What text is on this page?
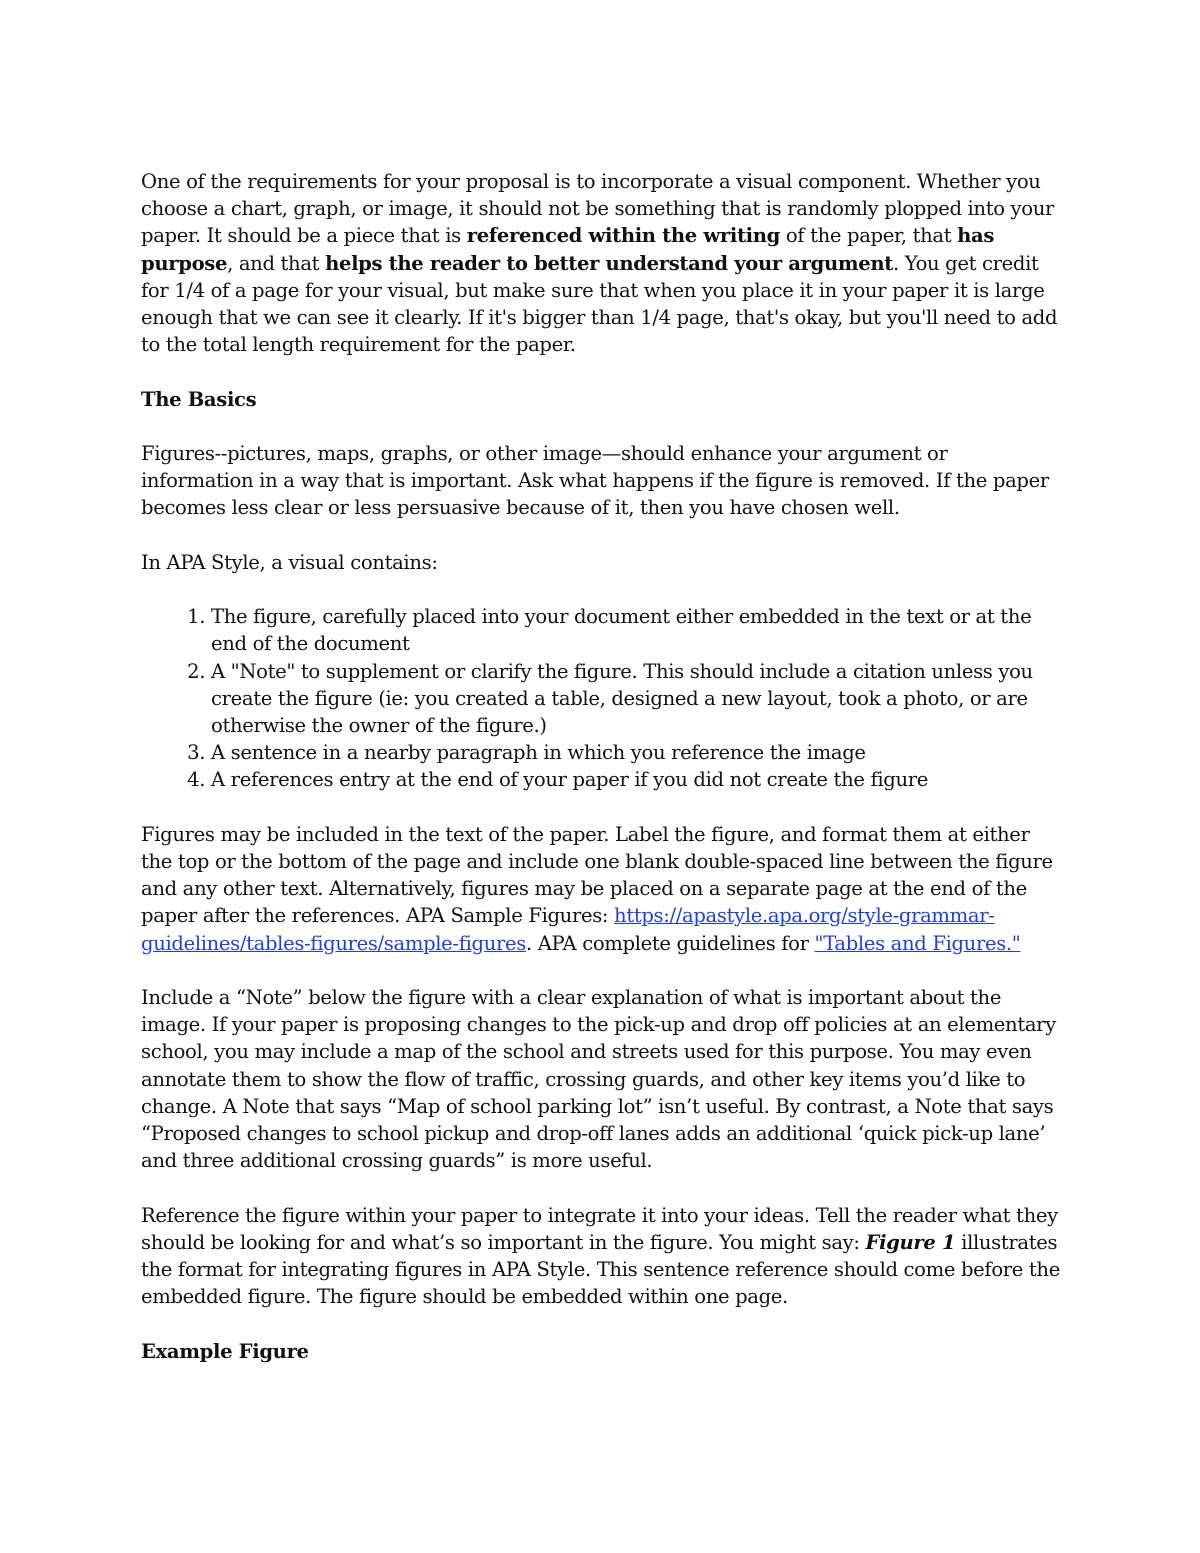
One of the requirements for your proposal is to incorporate a visual component. Whether you choose a chart, graph, or image, it should not be something that is randomly plopped into your paper. It should be a piece that is referenced within the writing of the paper, that has purpose, and that helps the reader to better understand your argument. You get credit for 1/4 of a page for your visual, but make sure that when you place it in your paper it is large enough that we can see it clearly. If it's bigger than 1/4 page, that's okay, but you'll need to add to the total length requirement for the paper.

The Basics

Figures--pictures, maps, graphs, or other image—should enhance your argument or information in a way that is important. Ask what happens if the figure is removed. If the paper becomes less clear or less persuasive because of it, then you have chosen well.

In APA Style, a visual contains:

1. The figure, carefully placed into your document either embedded in the text or at the end of the document
2. A "Note" to supplement or clarify the figure. This should include a citation unless you create the figure (ie: you created a table, designed a new layout, took a photo, or are otherwise the owner of the figure.)
3. A sentence in a nearby paragraph in which you reference the image
4. A references entry at the end of your paper if you did not create the figure

Figures may be included in the text of the paper. Label the figure, and format them at either the top or the bottom of the page and include one blank double-spaced line between the figure and any other text. Alternatively, figures may be placed on a separate page at the end of the paper after the references. APA Sample Figures: https://apastyle.apa.org/style-grammar-guidelines/tables-figures/sample-figures. APA complete guidelines for "Tables and Figures."

Include a “Note” below the figure with a clear explanation of what is important about the image. If your paper is proposing changes to the pick-up and drop off policies at an elementary school, you may include a map of the school and streets used for this purpose. You may even annotate them to show the flow of traffic, crossing guards, and other key items you’d like to change. A Note that says “Map of school parking lot” isn’t useful. By contrast, a Note that says “Proposed changes to school pickup and drop-off lanes adds an additional ‘quick pick-up lane’ and three additional crossing guards” is more useful.

Reference the figure within your paper to integrate it into your ideas. Tell the reader what they should be looking for and what’s so important in the figure. You might say: Figure 1 illustrates the format for integrating figures in APA Style. This sentence reference should come before the embedded figure. The figure should be embedded within one page.

Example Figure
